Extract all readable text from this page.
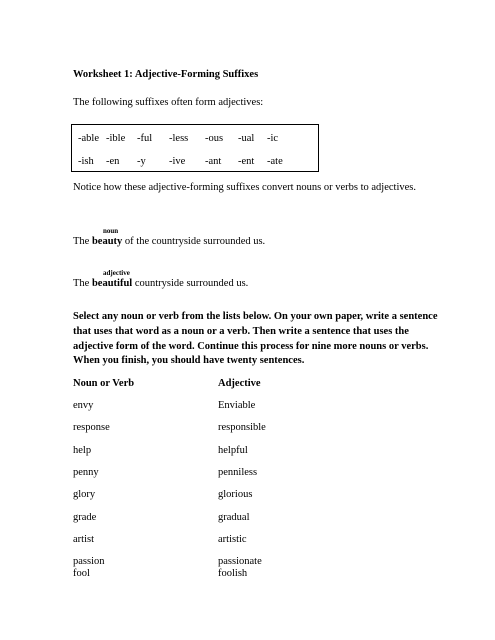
Worksheet 1: Adjective-Forming Suffixes
The following suffixes often form adjectives:
-able -ible -ful -less -ous -ual -ic
-ish -en -y -ive -ant -ent -ate
Notice how these adjective-forming suffixes convert nouns or verbs to adjectives.
noun
The beauty of the countryside surrounded us.
adjective
The beautiful countryside surrounded us.
Select any noun or verb from the lists below. On your own paper, write a sentence
that uses that word as a noun or a verb. Then write a sentence that uses the
adjective form of the word. Continue this process for nine more nouns or verbs.
When you finish, you should have twenty sentences.
Noun or Verb	Adjective
envy	Enviable
response	responsible
help	helpful
penny	penniless
glory	glorious
grade	gradual
artist	artistic
passion	passionate
fool	foolish
